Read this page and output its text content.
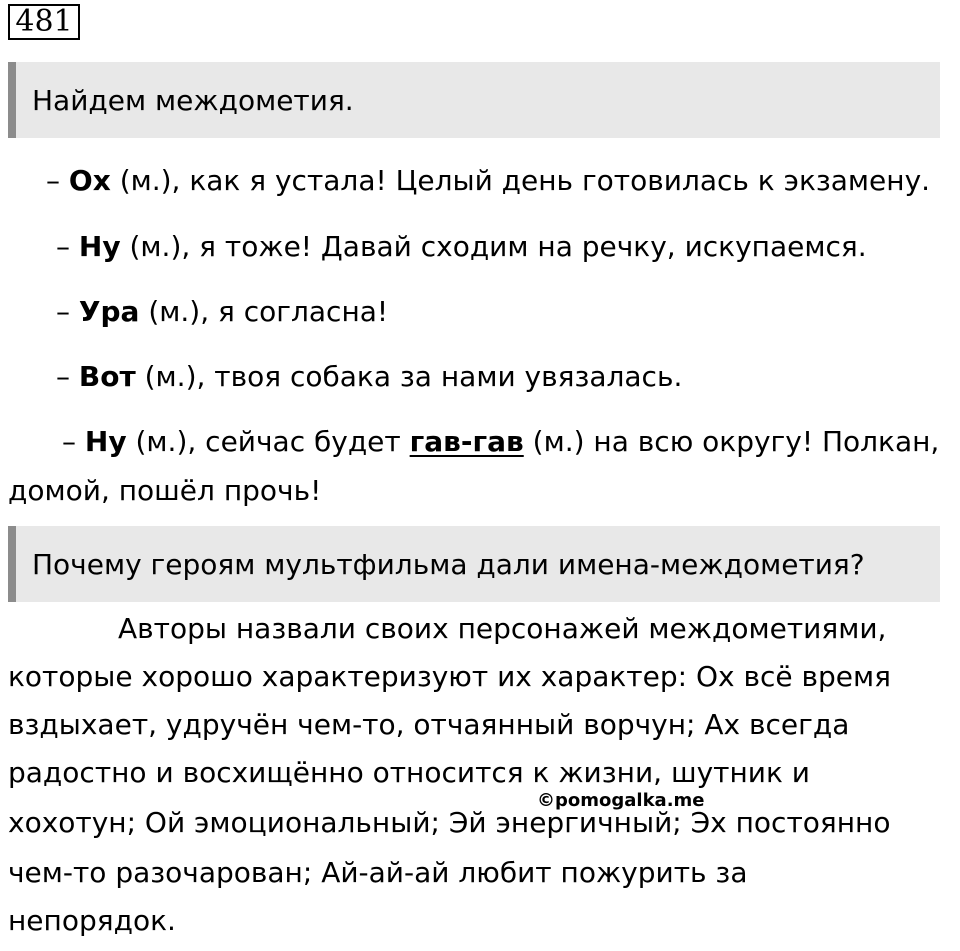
481
Найдем междометия.
– Ох (м.), как я устала! Целый день готовилась к экзамену.
– Ну (м.), я тоже! Давай сходим на речку, искупаемся.
– Ура (м.), я согласна!
– Вот (м.), твоя собака за нами увязалась.
– Ну (м.), сейчас будет гав-гав (м.) на всю округу! Полкан,
домой, пошёл прочь!
Почему героям мультфильма дали имена-междометия?
Авторы назвали своих персонажей междометиями,
которые хорошо характеризуют их характер: Ох всё время
вздыхает, удручён чем-то, отчаянный ворчун; Ах всегда
радостно и восхищённо относится к жизни, шутник и
хохотун; Ой эмоциональный; Эй энергичный; Эх постоянно
чем-то разочарован; Ай-ай-ай любит пожурить за
непорядок.
©pomogalka.me
